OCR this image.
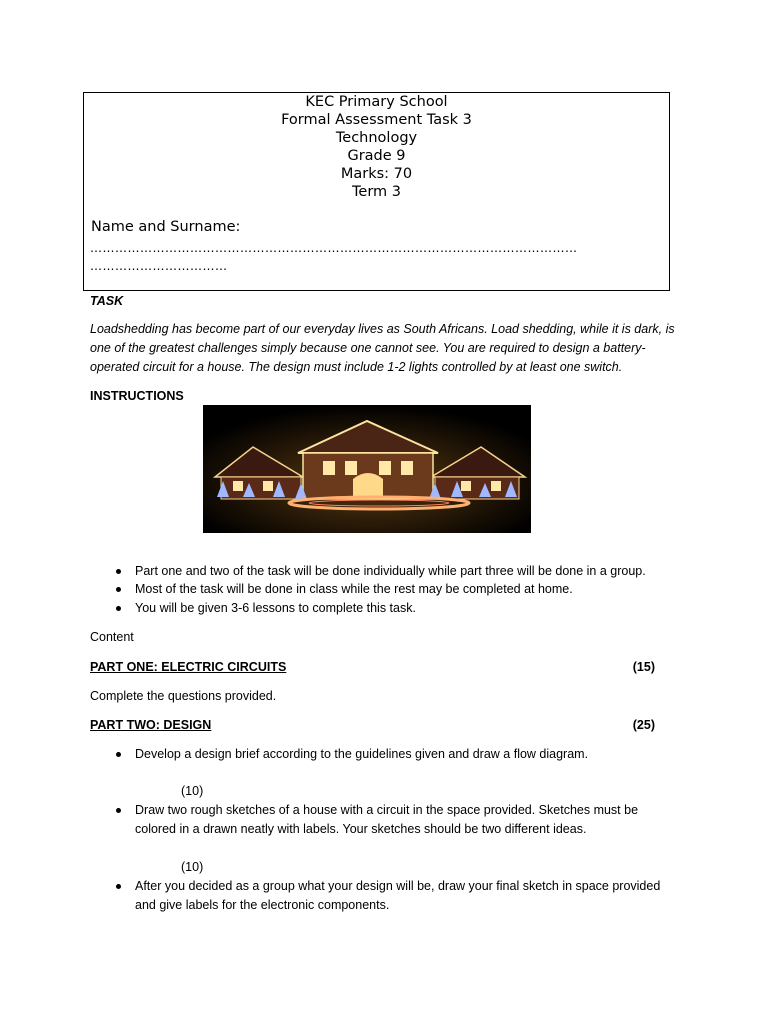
KEC Primary School
Formal Assessment Task 3
Technology
Grade 9
Marks: 70
Term 3
Name and Surname:
………………………………………………………………………………………………………
……………………………
TASK
Loadshedding has become part of our everyday lives as South Africans. Load shedding, while it is dark, is
one of the greatest challenges simply because one cannot see. You are required to design a battery-
operated circuit for a house. The design must include 1-2 lights controlled by at least one switch.
INSTRUCTIONS
Part one and two of the task will be done individually while part three will be done in a group.
Most of the task will be done in class while the rest may be completed at home.
You will be given 3-6 lessons to complete this task.
Content
PART ONE: ELECTRIC CIRCUITS	(15)
Complete the questions provided.
PART TWO: DESIGN	(25)
Develop a design brief according to the guidelines given and draw a flow diagram.
(10)
Draw two rough sketches of a house with a circuit in the space provided. Sketches must be
colored in a drawn neatly with labels. Your sketches should be two different ideas.
(10)
After you decided as a group what your design will be, draw your final sketch in space provided
and give labels for the electronic components.
